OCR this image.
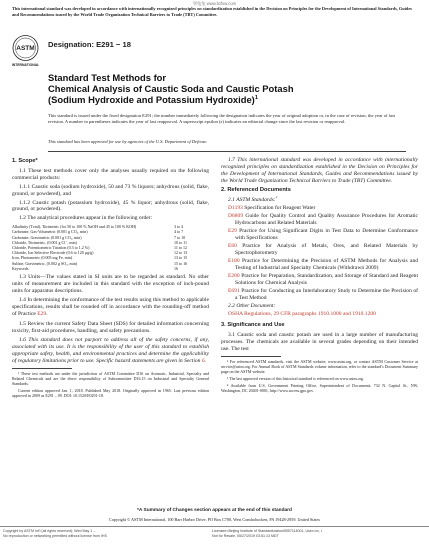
學兔兔 www.bzfxw.com
This international standard was developed in accordance with internationally recognized principles on standardization established in the Decision on Principles for the Development of International Standards, Guides and Recommendations issued by the World Trade Organization Technical Barriers to Trade (TBT) Committee.
ASTM
INTERNATIONAL
Designation: E291 − 18
Standard Test Methods for
Chemical Analysis of Caustic Soda and Caustic Potash
(Sodium Hydroxide and Potassium Hydroxide)$^1$
This standard is issued under the fixed designation E291; the number immediately following the designation indicates the year of original adoption or, in the case of revision, the year of last revision. A number in parentheses indicates the year of last reapproval. A superscript epsilon (ε) indicates an editorial change since the last revision or reapproval.
This standard has been approved for use by agencies of the U.S. Department of Defense.
1. Scope*
1.1 These test methods cover only the analyses usually required on the following commercial products:
1.1.1 Caustic soda (sodium hydroxide), 50 and 73 % liquors; anhydrous (solid, flake, ground, or powdered), and
1.1.2 Caustic potash (potassium hydroxide), 45 % liquor; anhydrous (solid, flake, ground, or powdered).
1.2 The analytical procedures appear in the following order:
Alkalinity (Total), Titrimetric (for 50 to 100 % NaOH and 45 to 100 % KOH)	3 to 4
Carbonate, Gas-Volumetric (0.001 g CO₂, min)	4 to 7
Carbonate, Gravimetric (0.001 g CO₂, min)	7 to 10
Chloride, Titrimetric, (0.001 g Cl⁻, min)	10 to 11
Chloride, Potentiometric Titration (0.3 to 1.2 %)	11 to 12
Chloride, Ion Selective Electrode (0.6 to 120 µg/g)	12 to 13
Iron, Photometric (0.005 mg Fe, min)	13 to 15
Sulfate, Gravimetric, (0.002 g SO₃, min)	15 to 16
Keywords	16
1.3 Units—The values stated in SI units are to be regarded as standard. No other units of measurement are included in this standard with the exception of inch-pound units for apparatus descriptions.
1.4 In determining the conformance of the test results using this method to applicable specifications, results shall be rounded off in accordance with the rounding-off method of Practice E29.
1.5 Review the current Safety Data Sheet (SDS) for detailed information concerning toxicity, first-aid procedures, handling, and safety precautions.
1.6 This standard does not purport to address all of the safety concerns, if any, associated with its use. It is the responsibility of the user of this standard to establish appropriate safety, health, and environmental practices and determine the applicability of regulatory limitations prior to use. Specific hazard statements are given in Section 6.
¹ These test methods are under the jurisdiction of ASTM Committee D16 on Aromatic, Industrial, Specialty and Related Chemicals and are the direct responsibility of Subcommittee D16.15 on Industrial and Specialty General Standards.
Current edition approved Jan. 1, 2018. Published May 2018. Originally approved in 1965. Last previous edition approved in 2009 as E291 – 09. DOI: 10.1520/E0291-18.
1.7 This international standard was developed in accordance with internationally recognized principles on standardization established in the Decision on Principles for the Development of International Standards, Guides and Recommendations issued by the World Trade Organization Technical Barriers to Trade (TBT) Committee.
2. Referenced Documents
2.1 ASTM Standards:$^2$
D1193 Specification for Reagent Water
D6809 Guide for Quality Control and Quality Assurance Procedures for Aromatic Hydrocarbons and Related Materials
E29 Practice for Using Significant Digits in Test Data to Determine Conformance with Specifications
E60 Practice for Analysis of Metals, Ores, and Related Materials by Spectrophotometry
E180 Practice for Determining the Precision of ASTM Methods for Analysis and Testing of Industrial and Specialty Chemicals (Withdrawn 2009)
E200 Practice for Preparation, Standardization, and Storage of Standard and Reagent Solutions for Chemical Analysis
E691 Practice for Conducting an Interlaboratory Study to Determine the Precision of a Test Method
2.2 Other Document:
OSHA Regulations, 29 CFR paragraphs 1910.1000 and 1910.1200
3. Significance and Use
3.1 Caustic soda and caustic potash are used in a large number of manufacturing processes. The chemicals are available in several grades depending on their intended use. The test
² For referenced ASTM standards, visit the ASTM website, www.astm.org, or contact ASTM Customer Service at service@astm.org. For Annual Book of ASTM Standards volume information, refer to the standard's Document Summary page on the ASTM website.
³ The last approved version of this historical standard is referenced on www.astm.org.
⁴ Available from U.S. Government Printing Office, Superintendent of Documents, 732 N. Capitol St., NW, Washington, DC 20401-0001, http://www.access.gpo.gov.
*A Summary of Changes section appears at the end of this standard
Copyright © ASTM International, 100 Barr Harbor Drive, PO Box C700, West Conshohocken, PA 19428-2959. United States
Copyright by ASTM Int'l (all rights reserved); Wed May 1 ...
No reproduction or networking permitted without license from IHS
Licensee=Beijing Institute of Standardization/5957114001, User=xx, r
Not for Resale, 05/27/2019 03:51:13 MDT
